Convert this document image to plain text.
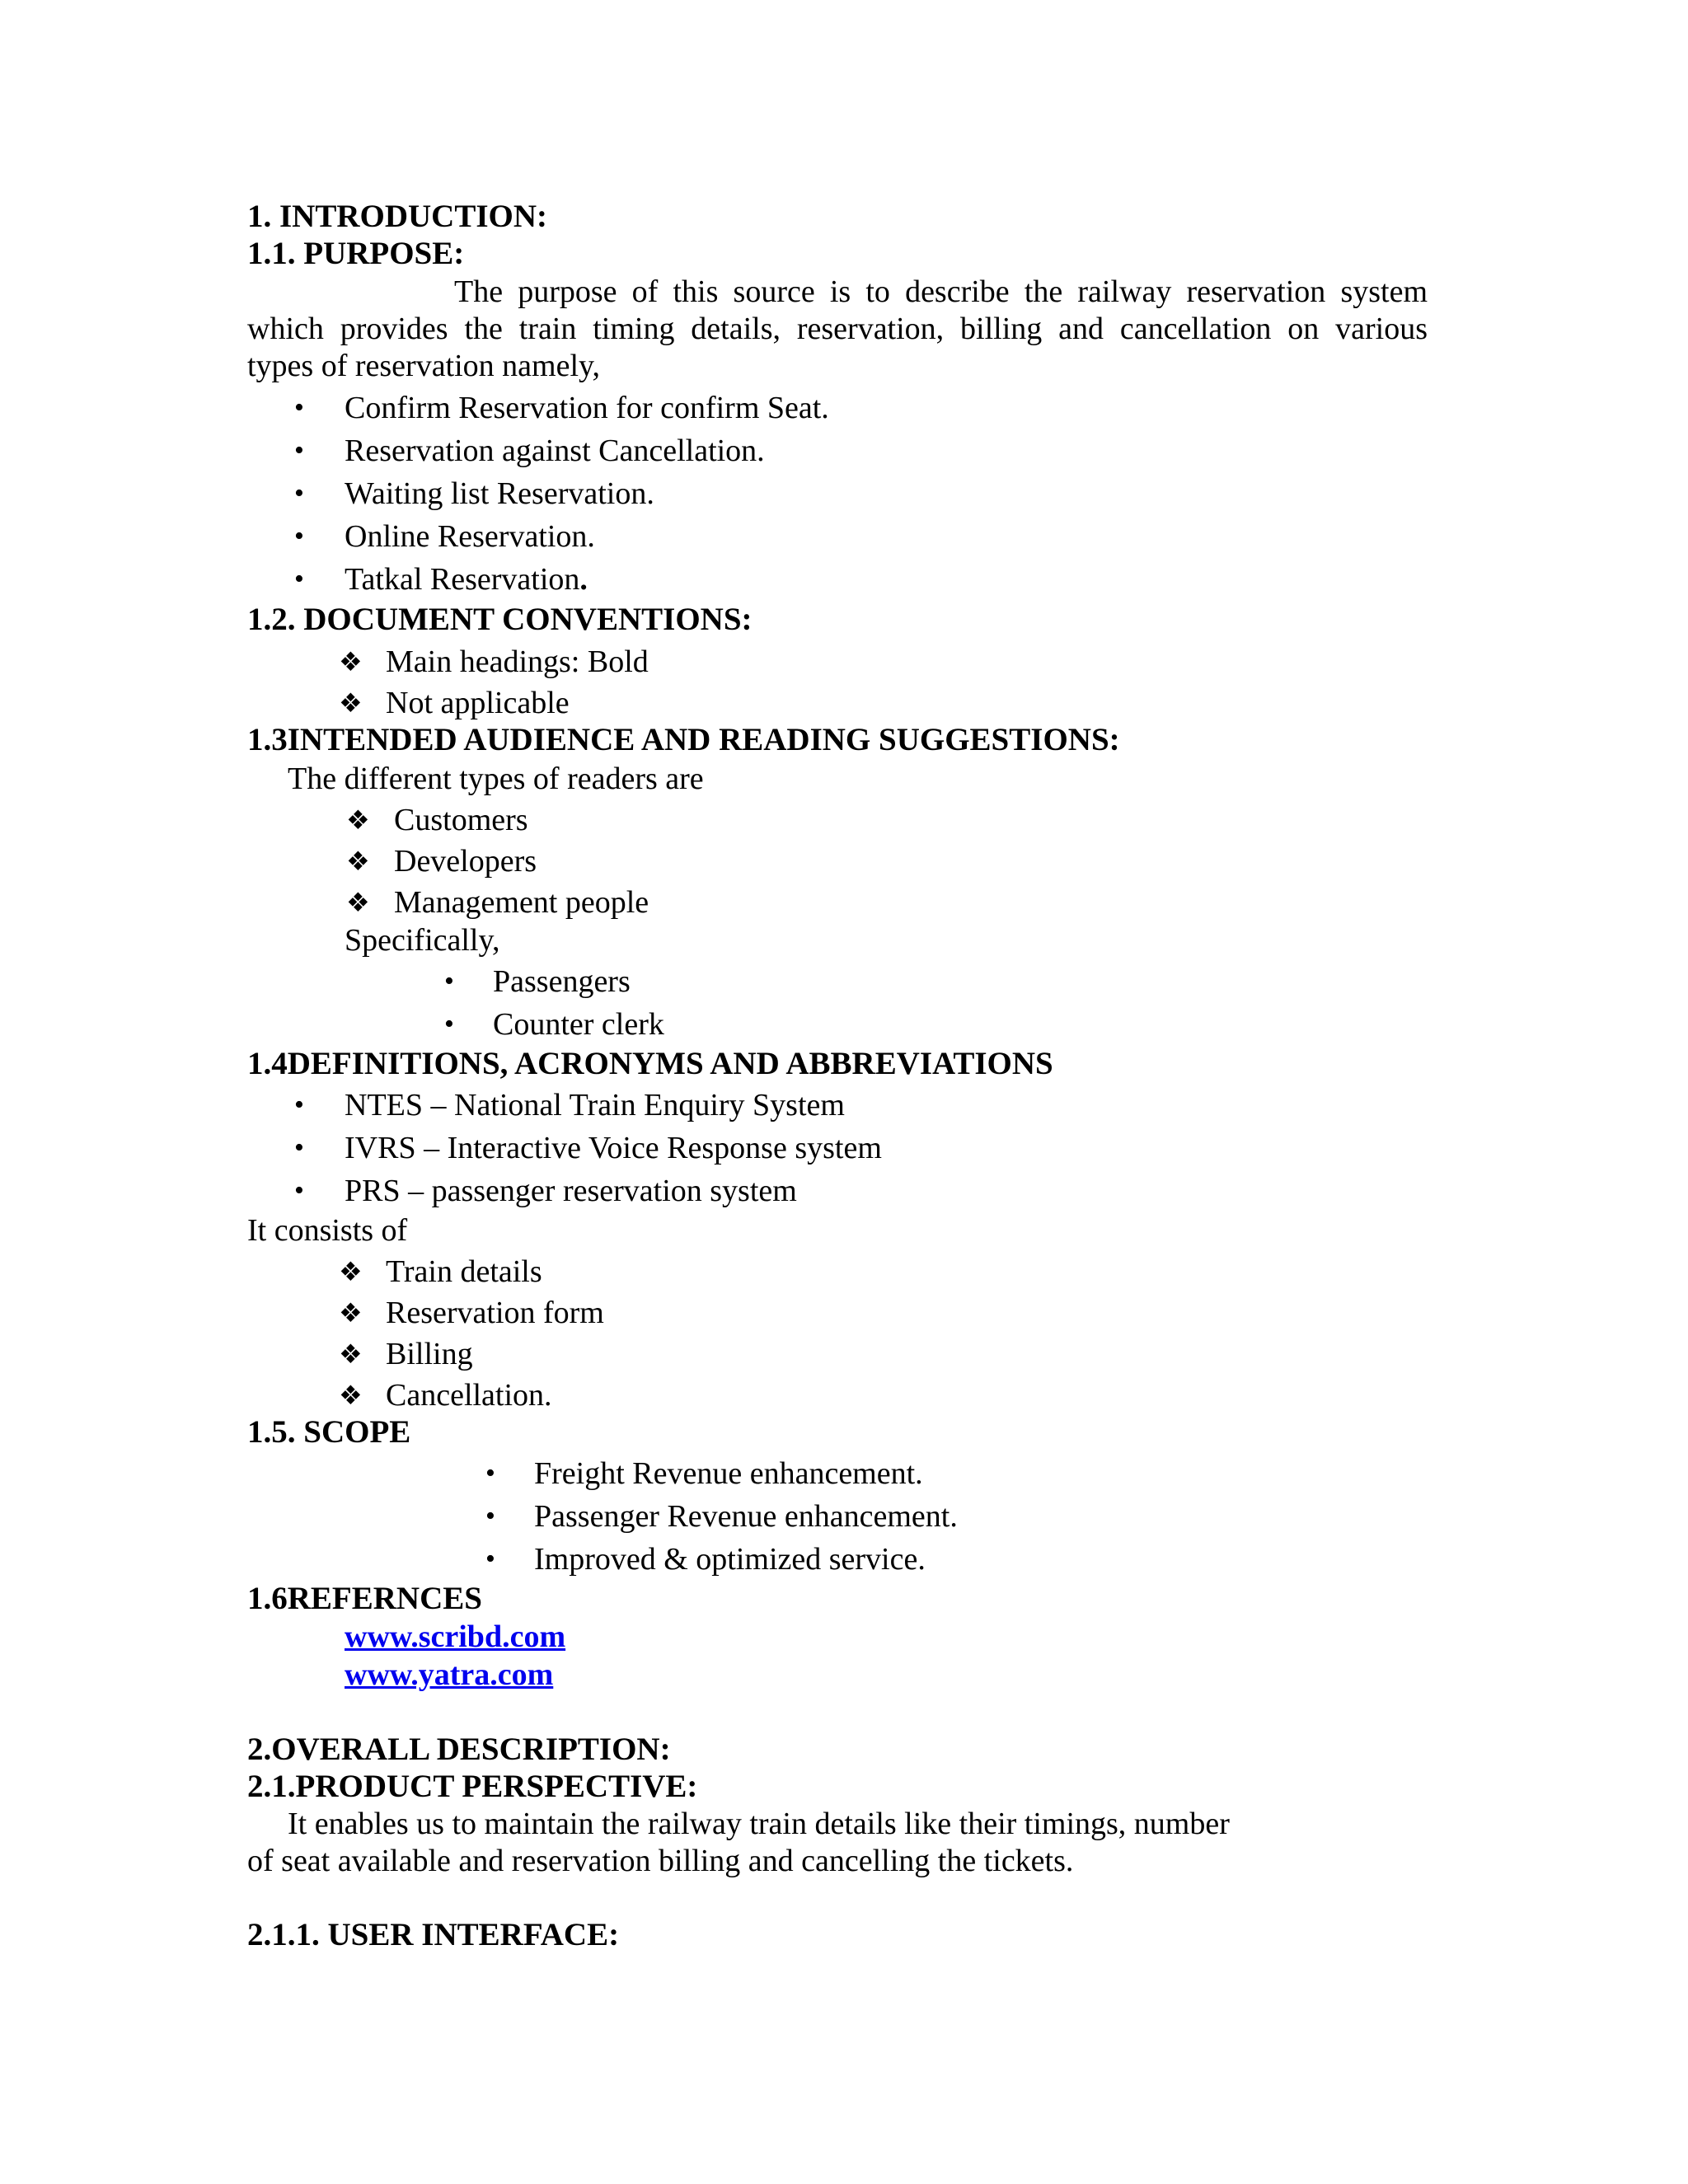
1. INTRODUCTION:
1.1. PURPOSE:
The purpose of this source is to describe the railway reservation system
which provides the train timing details, reservation, billing and cancellation on various
types of reservation namely,
• Confirm Reservation for confirm Seat.
• Reservation against Cancellation.
• Waiting list Reservation.
• Online Reservation.
• Tatkal Reservation.
1.2. DOCUMENT CONVENTIONS:
❖ Main headings: Bold
❖ Not applicable
1.3INTENDED AUDIENCE AND READING SUGGESTIONS:
The different types of readers are
❖ Customers
❖ Developers
❖ Management people
Specifically,
• Passengers
• Counter clerk
1.4DEFINITIONS, ACRONYMS AND ABBREVIATIONS
• NTES – National Train Enquiry System
• IVRS – Interactive Voice Response system
• PRS – passenger reservation system
It consists of
❖ Train details
❖ Reservation form
❖ Billing
❖ Cancellation.
1.5. SCOPE
• Freight Revenue enhancement.
• Passenger Revenue enhancement.
• Improved & optimized service.
1.6REFERNCES
www.scribd.com
www.yatra.com
2.OVERALL DESCRIPTION:
2.1.PRODUCT PERSPECTIVE:
It enables us to maintain the railway train details like their timings, number
of seat available and reservation billing and cancelling the tickets.
2.1.1. USER INTERFACE:
